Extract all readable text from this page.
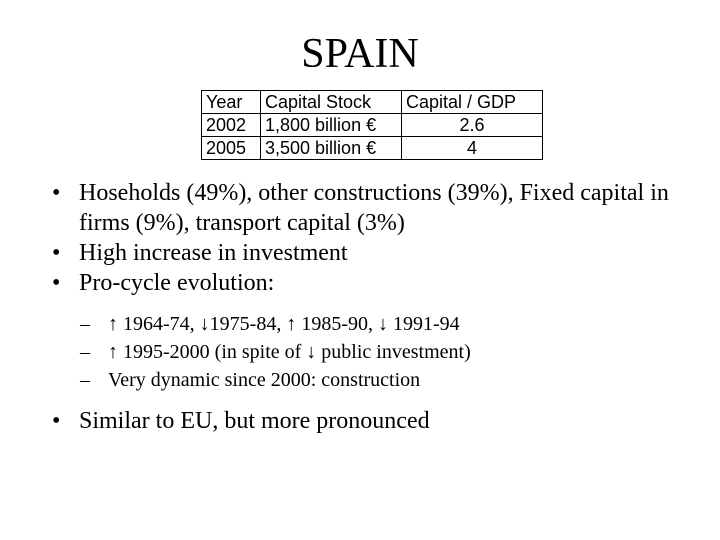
SPAIN
Year	Capital Stock	Capital / GDP
2002	1,800 billion €	2.6
2005	3,500 billion €	4
• Hoseholds (49%), other constructions (39%), Fixed capital in firms (9%), transport capital (3%)
• High increase in investment
• Pro-cycle evolution:
– ↑ 1964-74, ↓1975-84, ↑ 1985-90, ↓ 1991-94
– ↑ 1995-2000 (in spite of ↓ public investment)
– Very dynamic since 2000: construction
• Similar to EU, but more pronounced
